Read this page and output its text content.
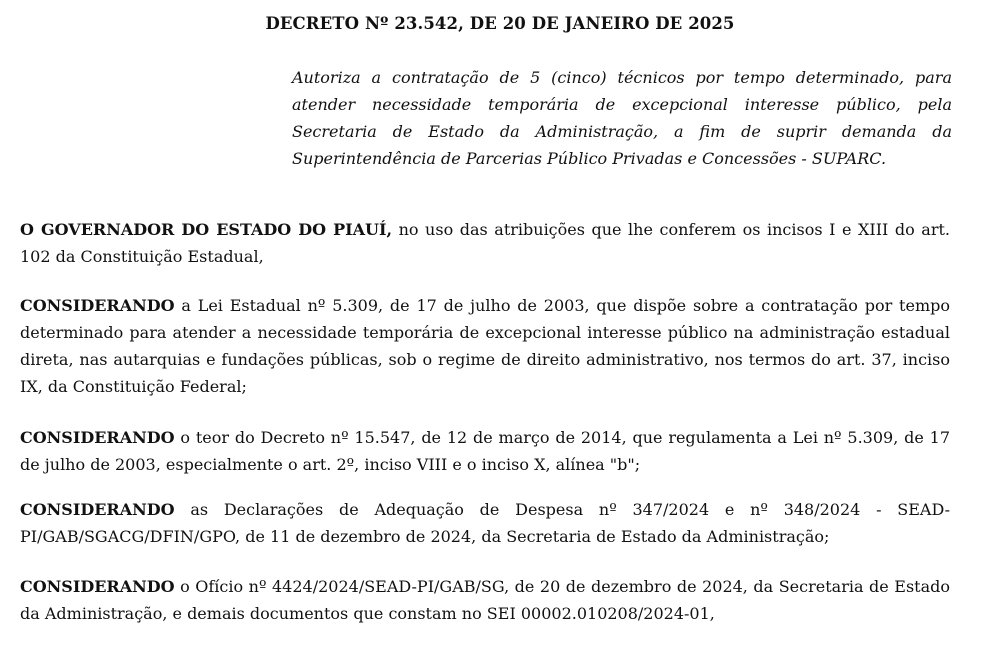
DECRETO Nº 23.542, DE 20 DE JANEIRO DE 2025
Autoriza a contratação de 5 (cinco) técnicos por tempo determinado, para atender necessidade temporária de excepcional interesse público, pela Secretaria de Estado da Administração, a fim de suprir demanda da Superintendência de Parcerias Público Privadas e Concessões - SUPARC.

O GOVERNADOR DO ESTADO DO PIAUÍ, no uso das atribuições que lhe conferem os incisos I e XIII do art. 102 da Constituição Estadual,

CONSIDERANDO a Lei Estadual nº 5.309, de 17 de julho de 2003, que dispõe sobre a contratação por tempo determinado para atender a necessidade temporária de excepcional interesse público na administração estadual direta, nas autarquias e fundações públicas, sob o regime de direito administrativo, nos termos do art. 37, inciso IX, da Constituição Federal;

CONSIDERANDO o teor do Decreto nº 15.547, de 12 de março de 2014, que regulamenta a Lei nº 5.309, de 17 de julho de 2003, especialmente o art. 2º, inciso VIII e o inciso X, alínea "b";

CONSIDERANDO as Declarações de Adequação de Despesa nº 347/2024 e nº 348/2024 - SEAD-PI/GAB/SGACG/DFIN/GPO, de 11 de dezembro de 2024, da Secretaria de Estado da Administração;

CONSIDERANDO o Ofício nº 4424/2024/SEAD-PI/GAB/SG, de 20 de dezembro de 2024, da Secretaria de Estado da Administração, e demais documentos que constam no SEI 00002.010208/2024-01,
